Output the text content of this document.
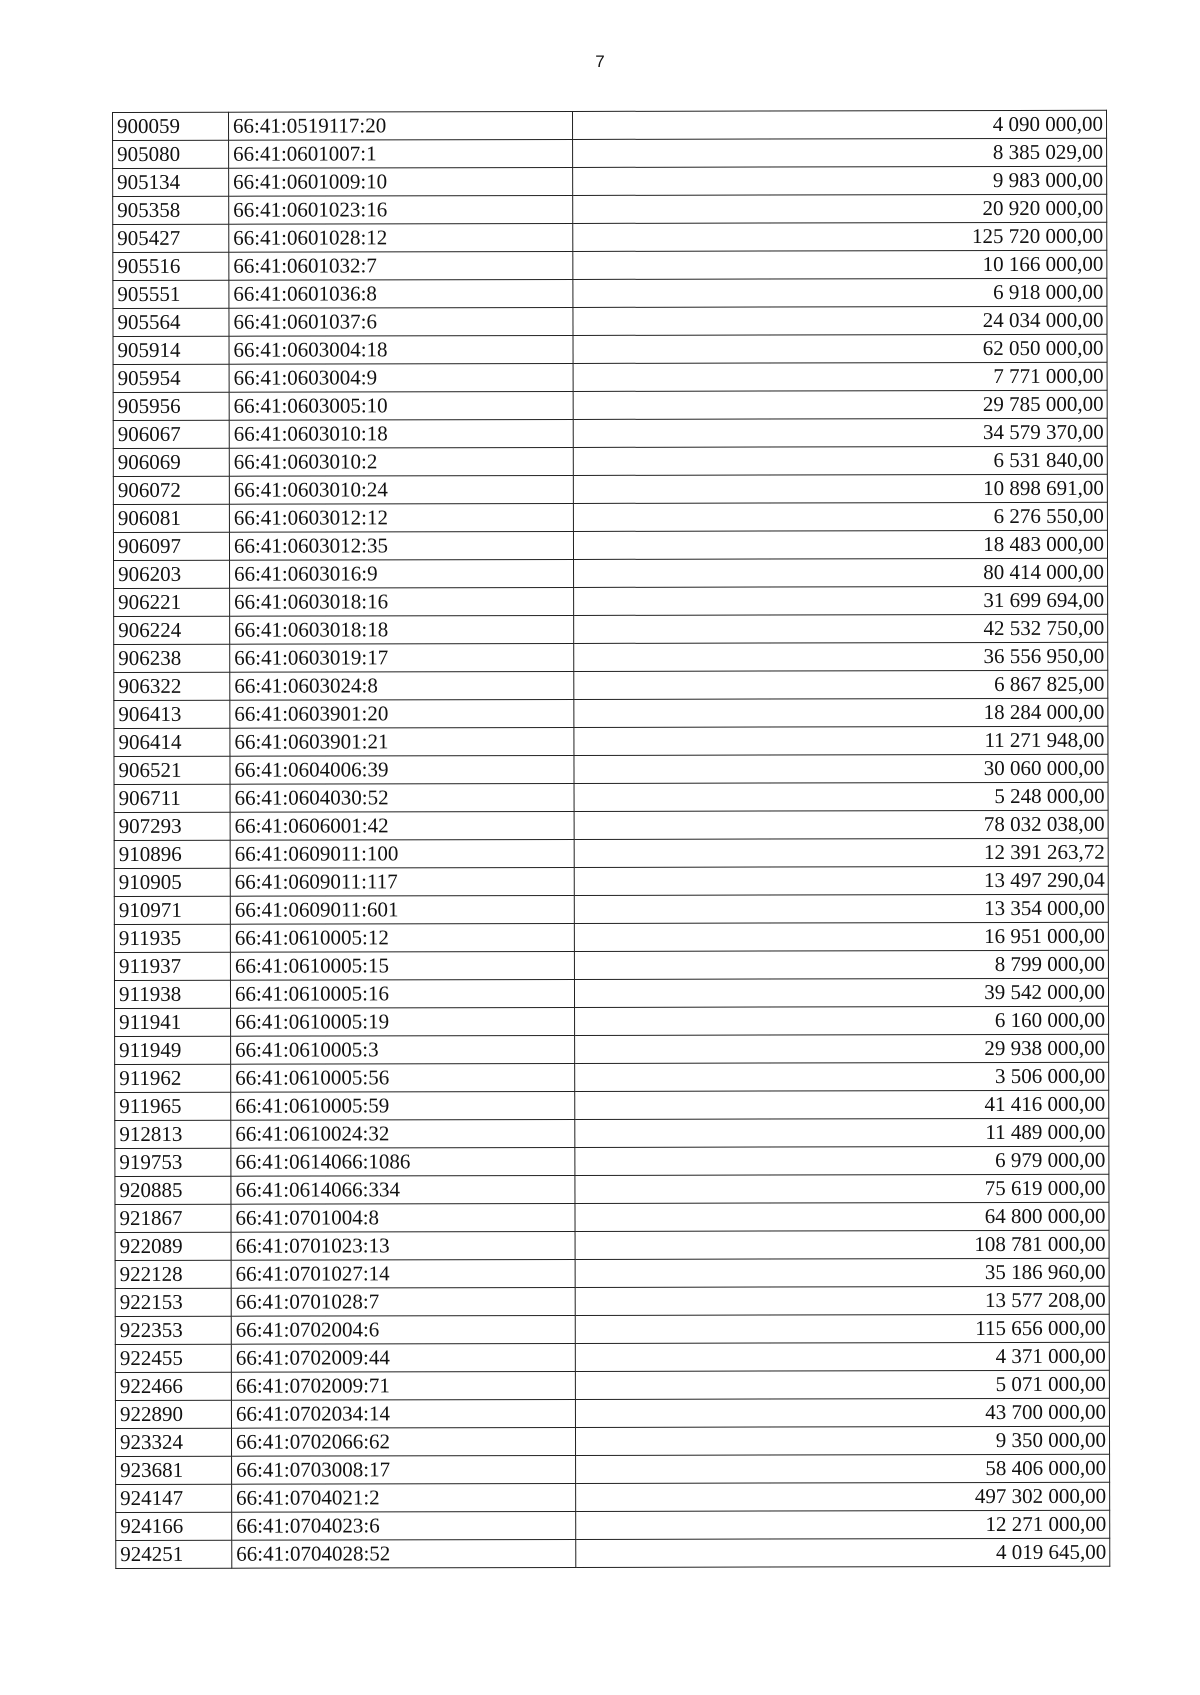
7
900059	66:41:0519117:20	4 090 000,00
905080	66:41:0601007:1	8 385 029,00
905134	66:41:0601009:10	9 983 000,00
905358	66:41:0601023:16	20 920 000,00
905427	66:41:0601028:12	125 720 000,00
905516	66:41:0601032:7	10 166 000,00
905551	66:41:0601036:8	6 918 000,00
905564	66:41:0601037:6	24 034 000,00
905914	66:41:0603004:18	62 050 000,00
905954	66:41:0603004:9	7 771 000,00
905956	66:41:0603005:10	29 785 000,00
906067	66:41:0603010:18	34 579 370,00
906069	66:41:0603010:2	6 531 840,00
906072	66:41:0603010:24	10 898 691,00
906081	66:41:0603012:12	6 276 550,00
906097	66:41:0603012:35	18 483 000,00
906203	66:41:0603016:9	80 414 000,00
906221	66:41:0603018:16	31 699 694,00
906224	66:41:0603018:18	42 532 750,00
906238	66:41:0603019:17	36 556 950,00
906322	66:41:0603024:8	6 867 825,00
906413	66:41:0603901:20	18 284 000,00
906414	66:41:0603901:21	11 271 948,00
906521	66:41:0604006:39	30 060 000,00
906711	66:41:0604030:52	5 248 000,00
907293	66:41:0606001:42	78 032 038,00
910896	66:41:0609011:100	12 391 263,72
910905	66:41:0609011:117	13 497 290,04
910971	66:41:0609011:601	13 354 000,00
911935	66:41:0610005:12	16 951 000,00
911937	66:41:0610005:15	8 799 000,00
911938	66:41:0610005:16	39 542 000,00
911941	66:41:0610005:19	6 160 000,00
911949	66:41:0610005:3	29 938 000,00
911962	66:41:0610005:56	3 506 000,00
911965	66:41:0610005:59	41 416 000,00
912813	66:41:0610024:32	11 489 000,00
919753	66:41:0614066:1086	6 979 000,00
920885	66:41:0614066:334	75 619 000,00
921867	66:41:0701004:8	64 800 000,00
922089	66:41:0701023:13	108 781 000,00
922128	66:41:0701027:14	35 186 960,00
922153	66:41:0701028:7	13 577 208,00
922353	66:41:0702004:6	115 656 000,00
922455	66:41:0702009:44	4 371 000,00
922466	66:41:0702009:71	5 071 000,00
922890	66:41:0702034:14	43 700 000,00
923324	66:41:0702066:62	9 350 000,00
923681	66:41:0703008:17	58 406 000,00
924147	66:41:0704021:2	497 302 000,00
924166	66:41:0704023:6	12 271 000,00
924251	66:41:0704028:52	4 019 645,00
